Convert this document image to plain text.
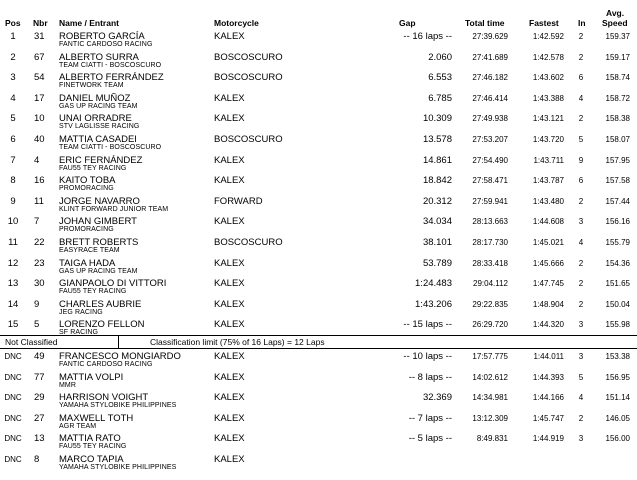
Pos Nbr Name / Entrant	Motorcycle	Gap	Total time	Fastest In
Avg.
Speed
1	31 ROBERTO GARCÍA
FANTIC CARDOSO RACING
KALEX	-- 16 laps --	27:39.629	1:42.592	2	159.37
2	67 ALBERTO SURRA
TEAM CIATTI - BOSCOSCURO
BOSCOSCURO	2.060	27:41.689	1:42.578	2	159.17
3	54 ALBERTO FERRÁNDEZ
FINETWORK TEAM
BOSCOSCURO	6.553	27:46.182	1:43.602	6	158.74
4	17 DANIEL MUÑOZ
GAS UP RACING TEAM
KALEX	6.785	27:46.414	1:43.388	4	158.72
5	10 UNAI ORRADRE
STV LAGLISSE RACING
KALEX	10.309	27:49.938	1:43.121	2	158.38
6	40 MATTIA CASADEI
TEAM CIATTI - BOSCOSCURO
BOSCOSCURO	13.578	27:53.207	1:43.720	5	158.07
7	4 ERIC FERNÁNDEZ
FAU55 TEY RACING
KALEX	14.861	27:54.490	1:43.711	9	157.95
8	16 KAITO TOBA
PROMORACING
KALEX	18.842	27:58.471	1:43.787	6	157.58
9	11 JORGE NAVARRO
KLINT FORWARD JUNIOR TEAM
FORWARD	20.312	27:59.941	1:43.480	2	157.44
10	7 JOHAN GIMBERT
PROMORACING
KALEX	34.034	28:13.663	1:44.608	3	156.16
11	22 BRETT ROBERTS
EASYRACE TEAM
BOSCOSCURO	38.101	28:17.730	1:45.021	4	155.79
12	23 TAIGA HADA
GAS UP RACING TEAM
KALEX	53.789	28:33.418	1:45.666	2	154.36
13	30 GIANPAOLO DI VITTORI
FAU55 TEY RACING
KALEX	1:24.483	29:04.112	1:47.745	2	151.65
14	9 CHARLES AUBRIE
JEG RACING
KALEX	1:43.206	29:22.835	1:48.904	2	150.04
15	5 LORENZO FELLON
SF RACING
KALEX	-- 15 laps --	26:29.720	1:44.320	3	155.98
Not Classified	Classification limit (75% of 16 Laps) = 12 Laps
DNC	49 FRANCESCO MONGIARDO
FANTIC CARDOSO RACING
KALEX	-- 10 laps --	17:57.775	1:44.011	3	153.38
DNC	77 MATTIA VOLPI
MMR
KALEX	-- 8 laps --	14:02.612	1:44.393	5	156.95
DNC	29 HARRISON VOIGHT
YAMAHA STYLOBIKE PHILIPPINES
KALEX	32.369	14:34.981	1:44.166	4	151.14
DNC	27 MAXWELL TOTH
AGR TEAM
KALEX	-- 7 laps --	13:12.309	1:45.747	2	146.05
DNC	13 MATTIA RATO
FAU55 TEY RACING
KALEX	-- 5 laps --	8:49.831	1:44.919	3	156.00
DNC	8 MARCO TAPIA
YAMAHA STYLOBIKE PHILIPPINES
KALEX
